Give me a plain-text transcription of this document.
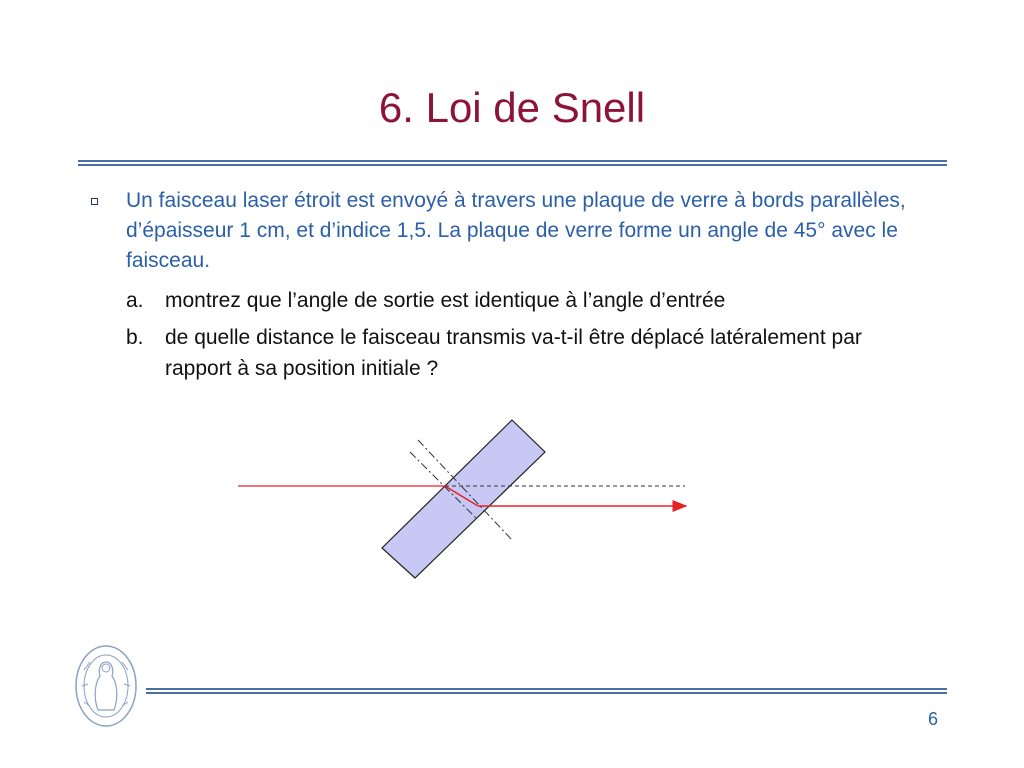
6. Loi de Snell

Un faisceau laser étroit est envoyé à travers une plaque de verre à bords parallèles, d’épaisseur 1 cm, et d’indice 1,5. La plaque de verre forme un angle de 45° avec le faisceau.

a. montrez que l’angle de sortie est identique à l’angle d’entrée
b. de quelle distance le faisceau transmis va-t-il être déplacé latéralement par rapport à sa position initiale ?
6
